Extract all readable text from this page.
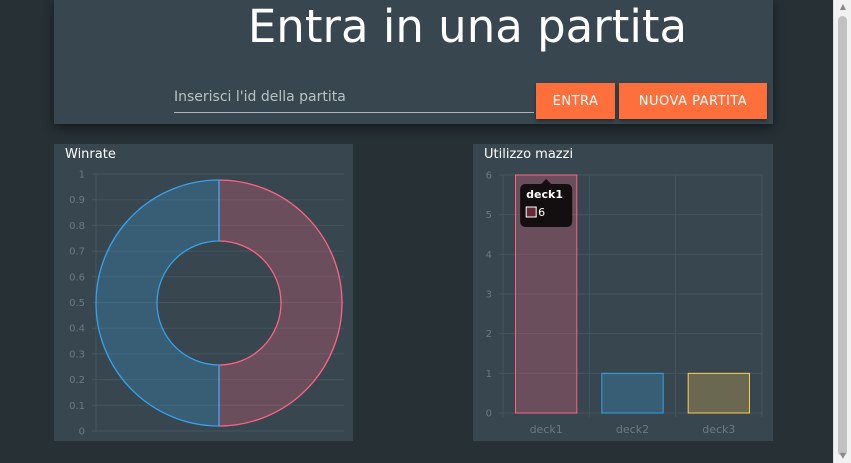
Entra in una partita
Inserisci l'id della partita
ENTRA	NUOVA PARTITA
1
0.9
0.8
0.7
0.6
0.5
0.4
0.3
0.2
0.1
0
Winrate
6
5
4
3
2
1
0
deck1	deck2	deck3
deck1
6
Utilizzo mazzi
▲
▼
